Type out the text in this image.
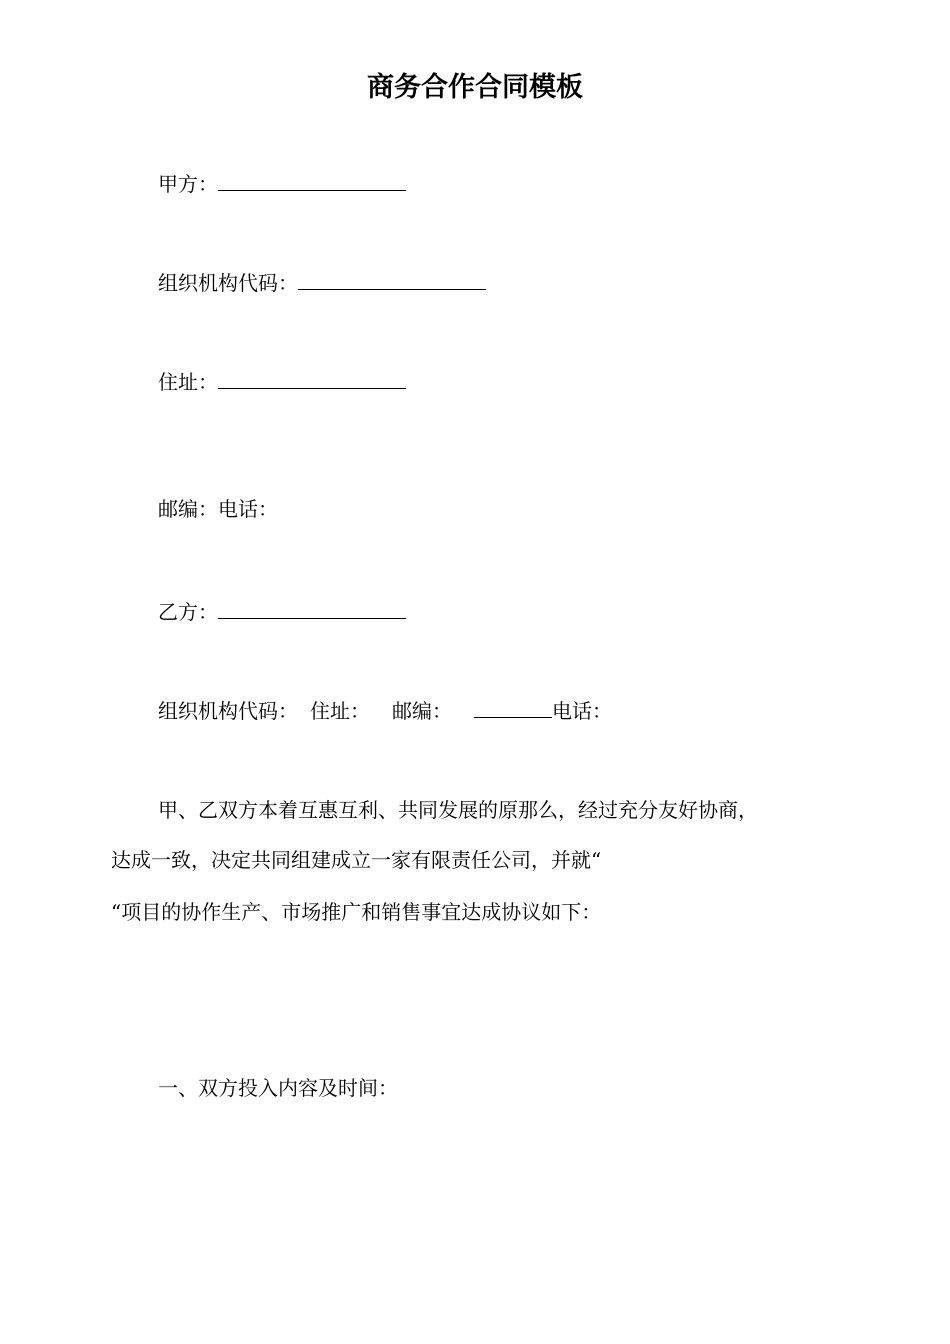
商务合作合同模板
甲方：
组织机构代码：
住址：
邮编：电话：
乙方：
组织机构代码： 住址： 邮编：	电话：
甲、乙双方本着互惠互利、共同发展的原那么，经过充分友好协商，
达成一致，决定共同组建成立一家有限责任公司，并就“
“项目的协作生产、市场推广和销售事宜达成协议如下：
一、双方投入内容及时间：
